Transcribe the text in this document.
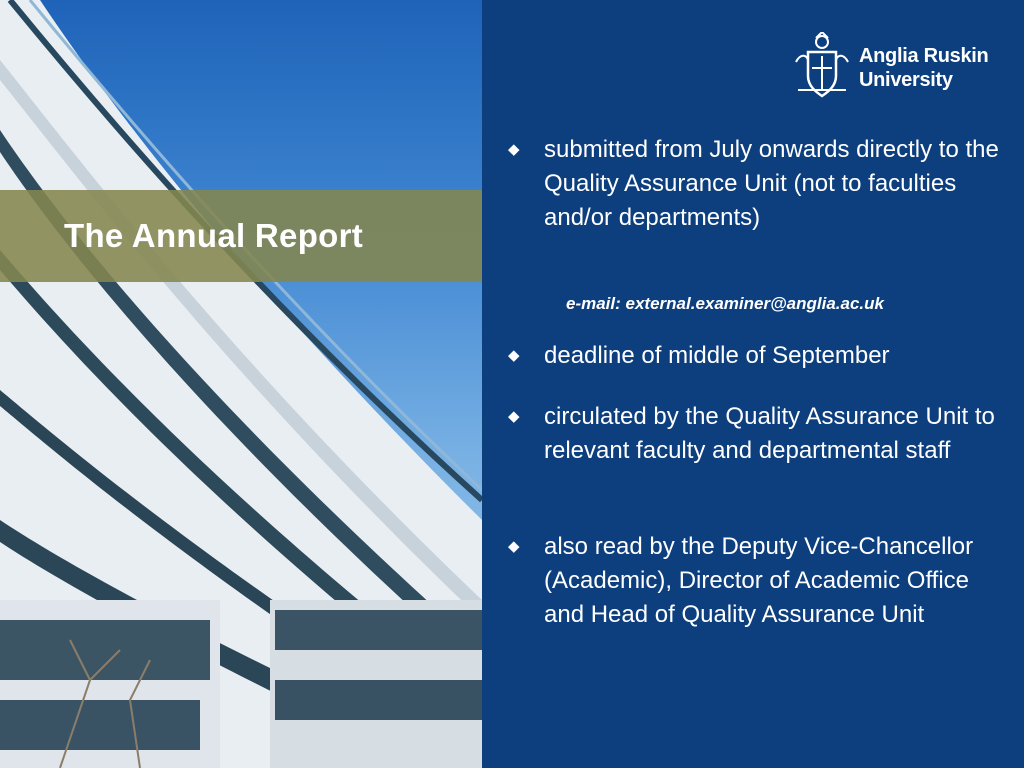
The Annual Report
Anglia Ruskin
University
◆ submitted from July onwards directly to the Quality Assurance Unit (not to faculties and/or departments)
e-mail: external.examiner@anglia.ac.uk
◆ deadline of middle of September
◆ circulated by the Quality Assurance Unit to relevant faculty and departmental staff
◆ also read by the Deputy Vice-Chancellor (Academic), Director of Academic Office and Head of Quality Assurance Unit
